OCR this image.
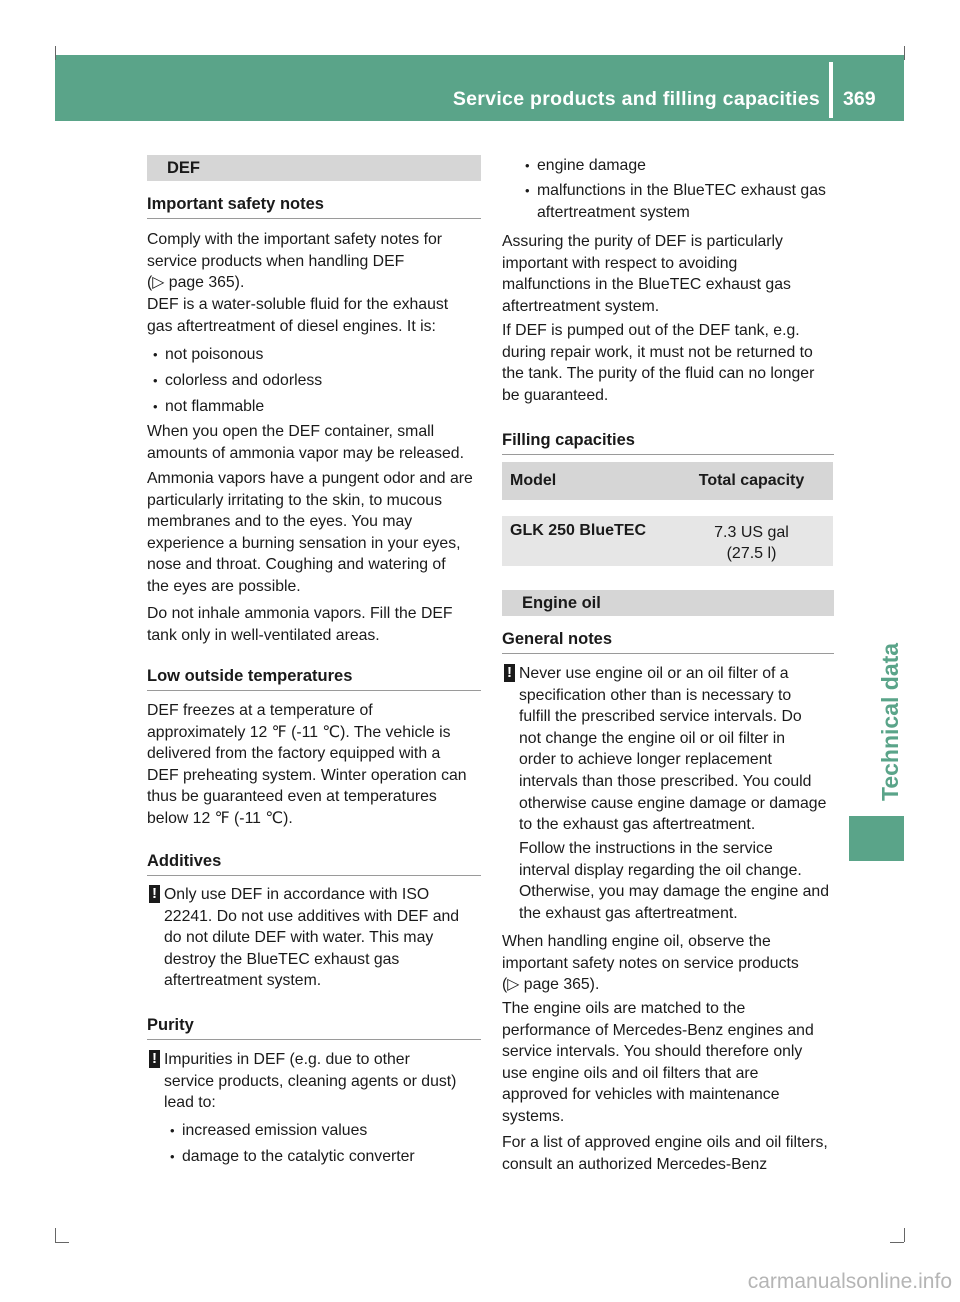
Service products and filling capacities 369
Technical data
DEF
Important safety notes
Comply with the important safety notes for
service products when handling DEF
(▷ page 365).
DEF is a water-soluble fluid for the exhaust
gas aftertreatment of diesel engines. It is:
• not poisonous
• colorless and odorless
• not flammable
When you open the DEF container, small
amounts of ammonia vapor may be released.
Ammonia vapors have a pungent odor and are
particularly irritating to the skin, to mucous
membranes and to the eyes. You may
experience a burning sensation in your eyes,
nose and throat. Coughing and watering of
the eyes are possible.
Do not inhale ammonia vapors. Fill the DEF
tank only in well-ventilated areas.
Low outside temperatures
DEF freezes at a temperature of
approximately 12 ℉ (-11 ℃). The vehicle is
delivered from the factory equipped with a
DEF preheating system. Winter operation can
thus be guaranteed even at temperatures
below 12 ℉ (-11 ℃).
Additives
! Only use DEF in accordance with ISO
22241. Do not use additives with DEF and
do not dilute DEF with water. This may
destroy the BlueTEC exhaust gas
aftertreatment system.
Purity
! Impurities in DEF (e.g. due to other
service products, cleaning agents or dust)
lead to:
• increased emission values
• damage to the catalytic converter
• engine damage
• malfunctions in the BlueTEC exhaust gas
aftertreatment system
Assuring the purity of DEF is particularly
important with respect to avoiding
malfunctions in the BlueTEC exhaust gas
aftertreatment system.
If DEF is pumped out of the DEF tank, e.g.
during repair work, it must not be returned to
the tank. The purity of the fluid can no longer
be guaranteed.
Filling capacities
Model	Total capacity
GLK 250 BlueTEC	7.3 US gal
(27.5 l)
Engine oil
General notes
! Never use engine oil or an oil filter of a
specification other than is necessary to
fulfill the prescribed service intervals. Do
not change the engine oil or oil filter in
order to achieve longer replacement
intervals than those prescribed. You could
otherwise cause engine damage or damage
to the exhaust gas aftertreatment.
Follow the instructions in the service
interval display regarding the oil change.
Otherwise, you may damage the engine and
the exhaust gas aftertreatment.
When handling engine oil, observe the
important safety notes on service products
(▷ page 365).
The engine oils are matched to the
performance of Mercedes-Benz engines and
service intervals. You should therefore only
use engine oils and oil filters that are
approved for vehicles with maintenance
systems.
For a list of approved engine oils and oil filters,
consult an authorized Mercedes-Benz
carmanualsonline.info
